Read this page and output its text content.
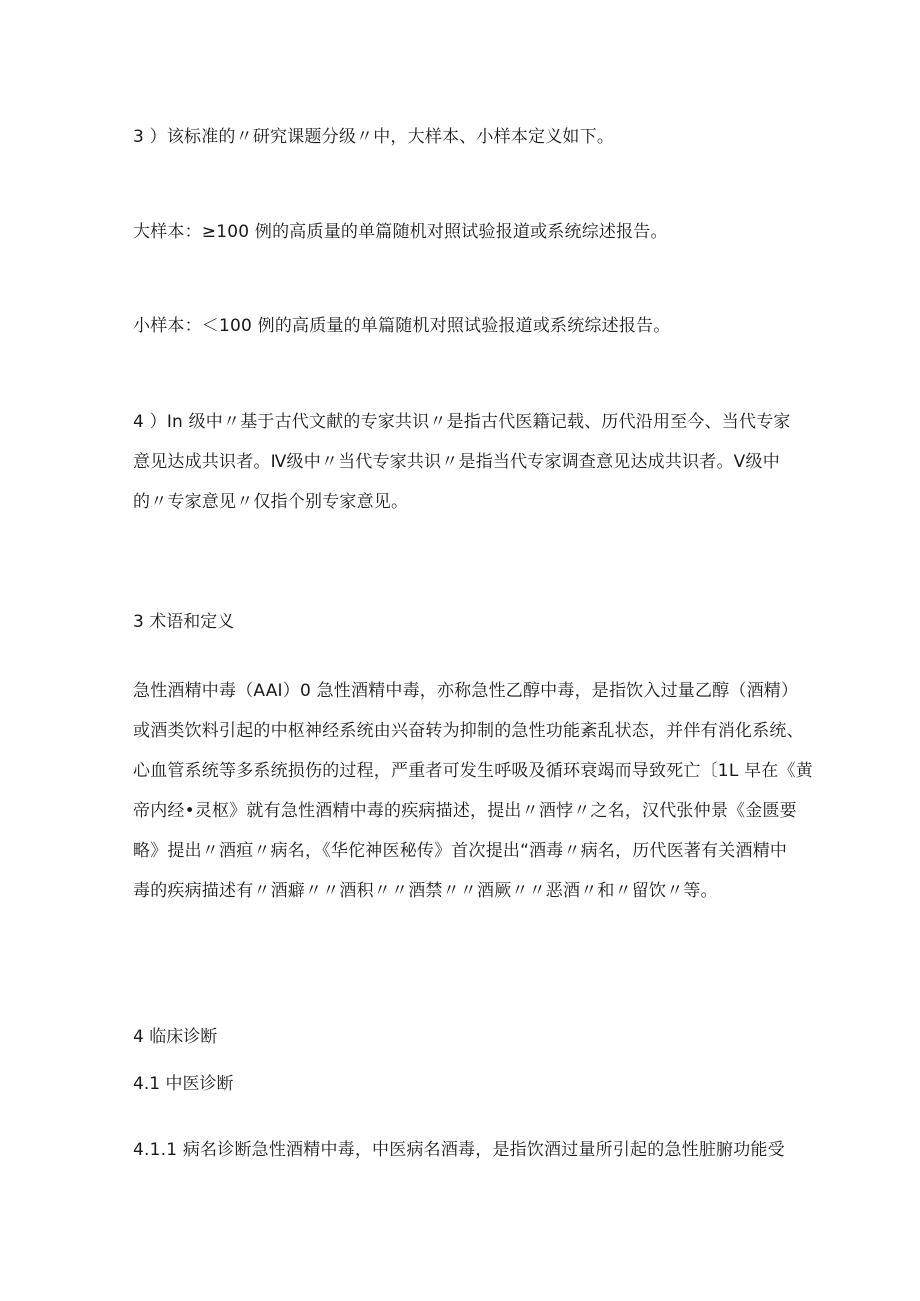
3 ）该标准的〃研究课题分级〃中，大样本、小样本定义如下。
大样本：≥100 例的高质量的单篇随机对照试验报道或系统综述报告。
小样本：＜100 例的高质量的单篇随机对照试验报道或系统综述报告。
4 ）In 级中〃基于古代文献的专家共识〃是指古代医籍记载、历代沿用至今、当代专家
意见达成共识者。Ⅳ级中〃当代专家共识〃是指当代专家调查意见达成共识者。Ⅴ级中
的〃专家意见〃仅指个别专家意见。
3 术语和定义
急性酒精中毒（AAI）0 急性酒精中毒，亦称急性乙醇中毒，是指饮入过量乙醇（酒精）
或酒类饮料引起的中枢神经系统由兴奋转为抑制的急性功能紊乱状态，并伴有消化系统、
心血管系统等多系统损伤的过程，严重者可发生呼吸及循环衰竭而导致死亡〔1L 早在《黄
帝内经•灵枢》就有急性酒精中毒的疾病描述，提出〃酒悖〃之名，汉代张仲景《金匮要
略》提出〃酒疸〃病名，《华佗神医秘传》首次提出“酒毒〃病名，历代医著有关酒精中
毒的疾病描述有〃酒癖〃〃酒积〃〃酒禁〃〃酒厥〃〃恶酒〃和〃留饮〃等。
4 临床诊断
4.1 中医诊断
4.1.1 病名诊断急性酒精中毒，中医病名酒毒，是指饮酒过量所引起的急性脏腑功能受
